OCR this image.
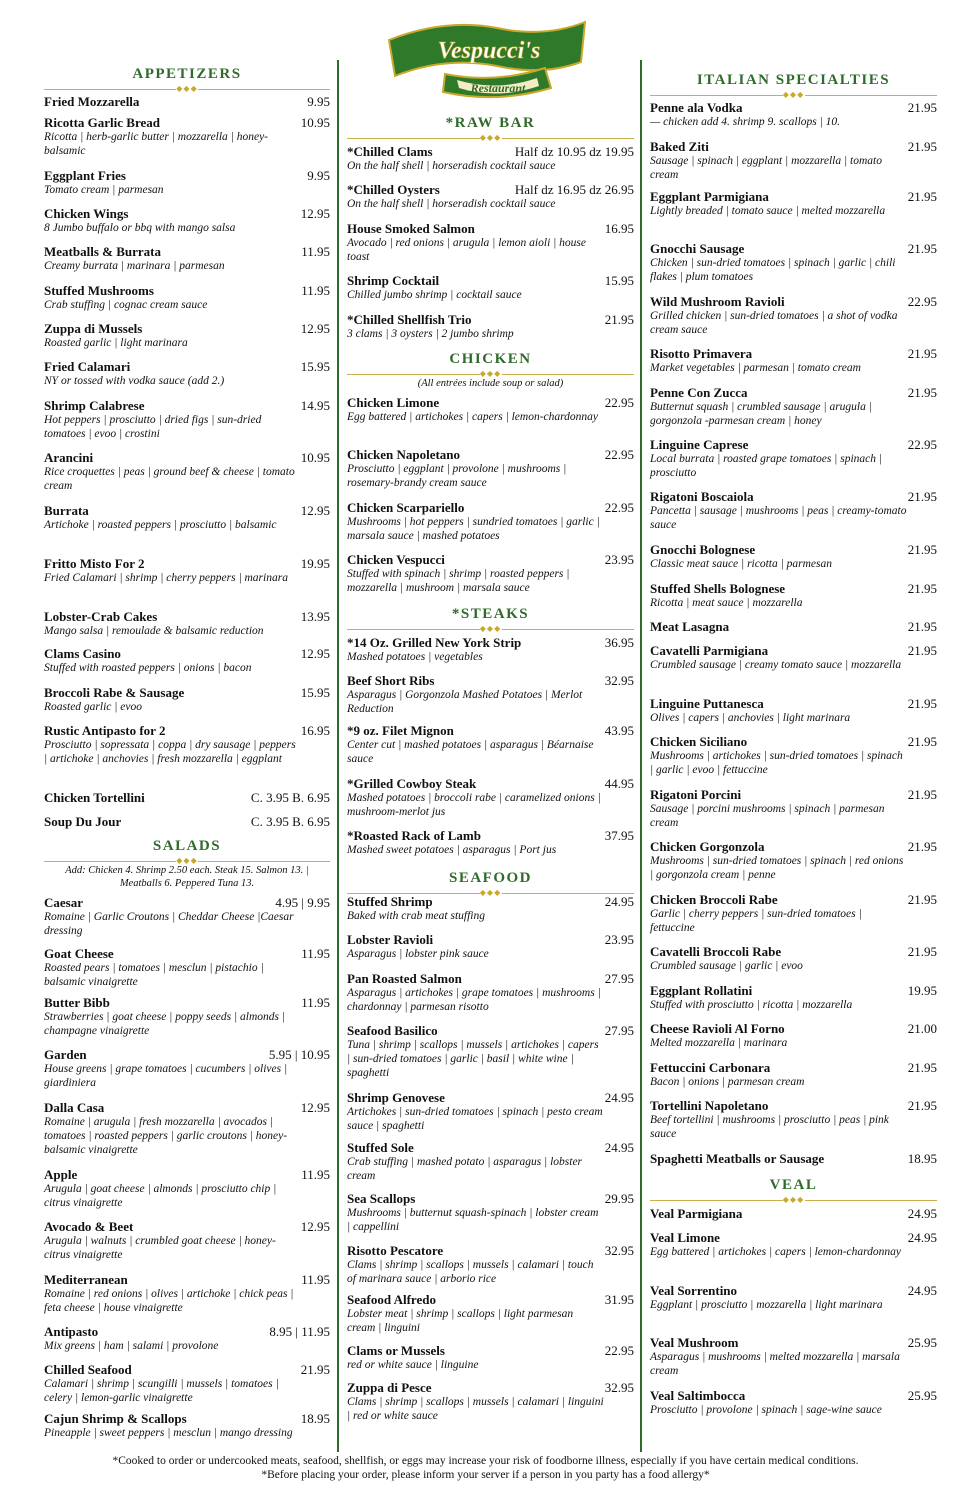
Vespucci's
Restaurant
APPETIZERS
◆◆◆
Fried Mozzarella	9.95
Ricotta Garlic Bread	10.95
Ricotta | herb-garlic butter | mozzarella | honey-balsamic
Eggplant Fries	9.95
Tomato cream | parmesan
Chicken Wings	12.95
8 Jumbo buffalo or bbq with mango salsa
Meatballs & Burrata	11.95
Creamy burrata | marinara | parmesan
Stuffed Mushrooms	11.95
Crab stuffing | cognac cream sauce
Zuppa di Mussels	12.95
Roasted garlic | light marinara
Fried Calamari	15.95
NY or tossed with vodka sauce (add 2.)
Shrimp Calabrese	14.95
Hot peppers | prosciutto | dried figs | sun-dried tomatoes | evoo | crostini
Arancini	10.95
Rice croquettes | peas | ground beef & cheese | tomato cream
Burrata	12.95
Artichoke | roasted peppers | prosciutto | balsamic
Fritto Misto For 2	19.95
Fried Calamari | shrimp | cherry peppers | marinara
Lobster-Crab Cakes	13.95
Mango salsa | remoulade & balsamic reduction
Clams Casino	12.95
Stuffed with roasted peppers | onions | bacon
Broccoli Rabe & Sausage	15.95
Roasted garlic | evoo
Rustic Antipasto for 2	16.95
Prosciutto | sopressata | coppa | dry sausage | peppers | artichoke | anchovies | fresh mozzarella | eggplant
Chicken Tortellini	C. 3.95 B. 6.95
Soup Du Jour	C. 3.95 B. 6.95
SALADS
◆◆◆
Add: Chicken 4. Shrimp 2.50 each. Steak 15. Salmon 13. | Meatballs 6. Peppered Tuna 13.
Caesar	4.95 | 9.95
Romaine | Garlic Croutons | Cheddar Cheese |Caesar dressing
Goat Cheese	11.95
Roasted pears | tomatoes | mesclun | pistachio | balsamic vinaigrette
Butter Bibb	11.95
Strawberries | goat cheese | poppy seeds | almonds | champagne vinaigrette
Garden	5.95 | 10.95
House greens | grape tomatoes | cucumbers | olives | giardiniera
Dalla Casa	12.95
Romaine | arugula | fresh mozzarella | avocados | tomatoes | roasted peppers | garlic croutons | honey-balsamic vinaigrette
Apple	11.95
Arugula | goat cheese | almonds | prosciutto chip | citrus vinaigrette
Avocado & Beet	12.95
Arugula | walnuts | crumbled goat cheese | honey-citrus vinaigrette
Mediterranean	11.95
Romaine | red onions | olives | artichoke | chick peas | feta cheese | house vinaigrette
Antipasto	8.95 | 11.95
Mix greens | ham | salami | provolone
Chilled Seafood	21.95
Calamari | shrimp | scungilli | mussels | tomatoes | celery | lemon-garlic vinaigrette
Cajun Shrimp & Scallops	18.95
Pineapple | sweet peppers | mesclun | mango dressing
*RAW BAR
◆◆◆
*Chilled Clams	Half dz 10.95 dz 19.95
On the half shell | horseradish cocktail sauce
*Chilled Oysters	Half dz 16.95 dz 26.95
On the half shell | horseradish cocktail sauce
House Smoked Salmon	16.95
Avocado | red onions | arugula | lemon aioli | house toast
Shrimp Cocktail	15.95
Chilled jumbo shrimp | cocktail sauce
*Chilled Shellfish Trio	21.95
3 clams | 3 oysters | 2 jumbo shrimp
CHICKEN
◆◆◆
(All entrées include soup or salad)
Chicken Limone	22.95
Egg battered | artichokes | capers | lemon-chardonnay
Chicken Napoletano	22.95
Prosciutto | eggplant | provolone | mushrooms | rosemary-brandy cream sauce
Chicken Scarpariello	22.95
Mushrooms | hot peppers | sundried tomatoes | garlic | marsala sauce | mashed potatoes
Chicken Vespucci	23.95
Stuffed with spinach | shrimp | roasted peppers | mozzarella | mushroom | marsala sauce
*STEAKS
◆◆◆
*14 Oz. Grilled New York Strip	36.95
Mashed potatoes | vegetables
Beef Short Ribs	32.95
Asparagus | Gorgonzola Mashed Potatoes | Merlot Reduction
*9 oz. Filet Mignon	43.95
Center cut | mashed potatoes | asparagus | Béarnaise sauce
*Grilled Cowboy Steak	44.95
Mashed potatoes | broccoli rabe | caramelized onions | mushroom-merlot jus
*Roasted Rack of Lamb	37.95
Mashed sweet potatoes | asparagus | Port jus
SEAFOOD
◆◆◆
Stuffed Shrimp	24.95
Baked with crab meat stuffing
Lobster Ravioli	23.95
Asparagus | lobster pink sauce
Pan Roasted Salmon	27.95
Asparagus | artichokes | grape tomatoes | mushrooms | chardonnay | parmesan risotto
Seafood Basilico	27.95
Tuna | shrimp | scallops | mussels | artichokes | capers | sun-dried tomatoes | garlic | basil | white wine | spaghetti
Shrimp Genovese	24.95
Artichokes | sun-dried tomatoes | spinach | pesto cream sauce | spaghetti
Stuffed Sole	24.95
Crab stuffing | mashed potato | asparagus | lobster cream
Sea Scallops	29.95
Mushrooms | butternut squash-spinach | lobster cream | cappellini
Risotto Pescatore	32.95
Clams | shrimp | scallops | mussels | calamari | touch of marinara sauce | arborio rice
Seafood Alfredo	31.95
Lobster meat | shrimp | scallops | light parmesan cream | linguini
Clams or Mussels	22.95
red or white sauce | linguine
Zuppa di Pesce	32.95
Clams | shrimp | scallops | mussels | calamari | linguini | red or white sauce
ITALIAN SPECIALTIES
◆◆◆
Penne ala Vodka	21.95
— chicken add 4. shrimp 9. scallops | 10.
Baked Ziti	21.95
Sausage | spinach | eggplant | mozzarella | tomato cream
Eggplant Parmigiana	21.95
Lightly breaded | tomato sauce | melted mozzarella
Gnocchi Sausage	21.95
Chicken | sun-dried tomatoes | spinach | garlic | chili flakes | plum tomatoes
Wild Mushroom Ravioli	22.95
Grilled chicken | sun-dried tomatoes | a shot of vodka cream sauce
Risotto Primavera	21.95
Market vegetables | parmesan | tomato cream
Penne Con Zucca	21.95
Butternut squash | crumbled sausage | arugula | gorgonzola -parmesan cream | honey
Linguine Caprese	22.95
Local burrata | roasted grape tomatoes | spinach | prosciutto
Rigatoni Boscaiola	21.95
Pancetta | sausage | mushrooms | peas | creamy-tomato sauce
Gnocchi Bolognese	21.95
Classic meat sauce | ricotta | parmesan
Stuffed Shells Bolognese	21.95
Ricotta | meat sauce | mozzarella
Meat Lasagna	21.95
Cavatelli Parmigiana	21.95
Crumbled sausage | creamy tomato sauce | mozzarella
Linguine Puttanesca	21.95
Olives | capers | anchovies | light marinara
Chicken Siciliano	21.95
Mushrooms | artichokes | sun-dried tomatoes | spinach | garlic | evoo | fettuccine
Rigatoni Porcini	21.95
Sausage | porcini mushrooms | spinach | parmesan cream
Chicken Gorgonzola	21.95
Mushrooms | sun-dried tomatoes | spinach | red onions | gorgonzola cream | penne
Chicken Broccoli Rabe	21.95
Garlic | cherry peppers | sun-dried tomatoes | fettuccine
Cavatelli Broccoli Rabe	21.95
Crumbled sausage | garlic | evoo
Eggplant Rollatini	19.95
Stuffed with prosciutto | ricotta | mozzarella
Cheese Ravioli Al Forno	21.00
Melted mozzarella | marinara
Fettuccini Carbonara	21.95
Bacon | onions | parmesan cream
Tortellini Napoletano	21.95
Beef tortellini | mushrooms | prosciutto | peas | pink sauce
Spaghetti Meatballs or Sausage	18.95
VEAL
◆◆◆
Veal Parmigiana	24.95
Veal Limone	24.95
Egg battered | artichokes | capers | lemon-chardonnay
Veal Sorrentino	24.95
Eggplant | prosciutto | mozzarella | light marinara
Veal Mushroom	25.95
Asparagus | mushrooms | melted mozzarella | marsala cream
Veal Saltimbocca	25.95
Prosciutto | provolone | spinach | sage-wine sauce
*Cooked to order or undercooked meats, seafood, shellfish, or eggs may increase your risk of foodborne illness, especially if you have certain medical conditions.
*Before placing your order, please inform your server if a person in you party has a food allergy*
